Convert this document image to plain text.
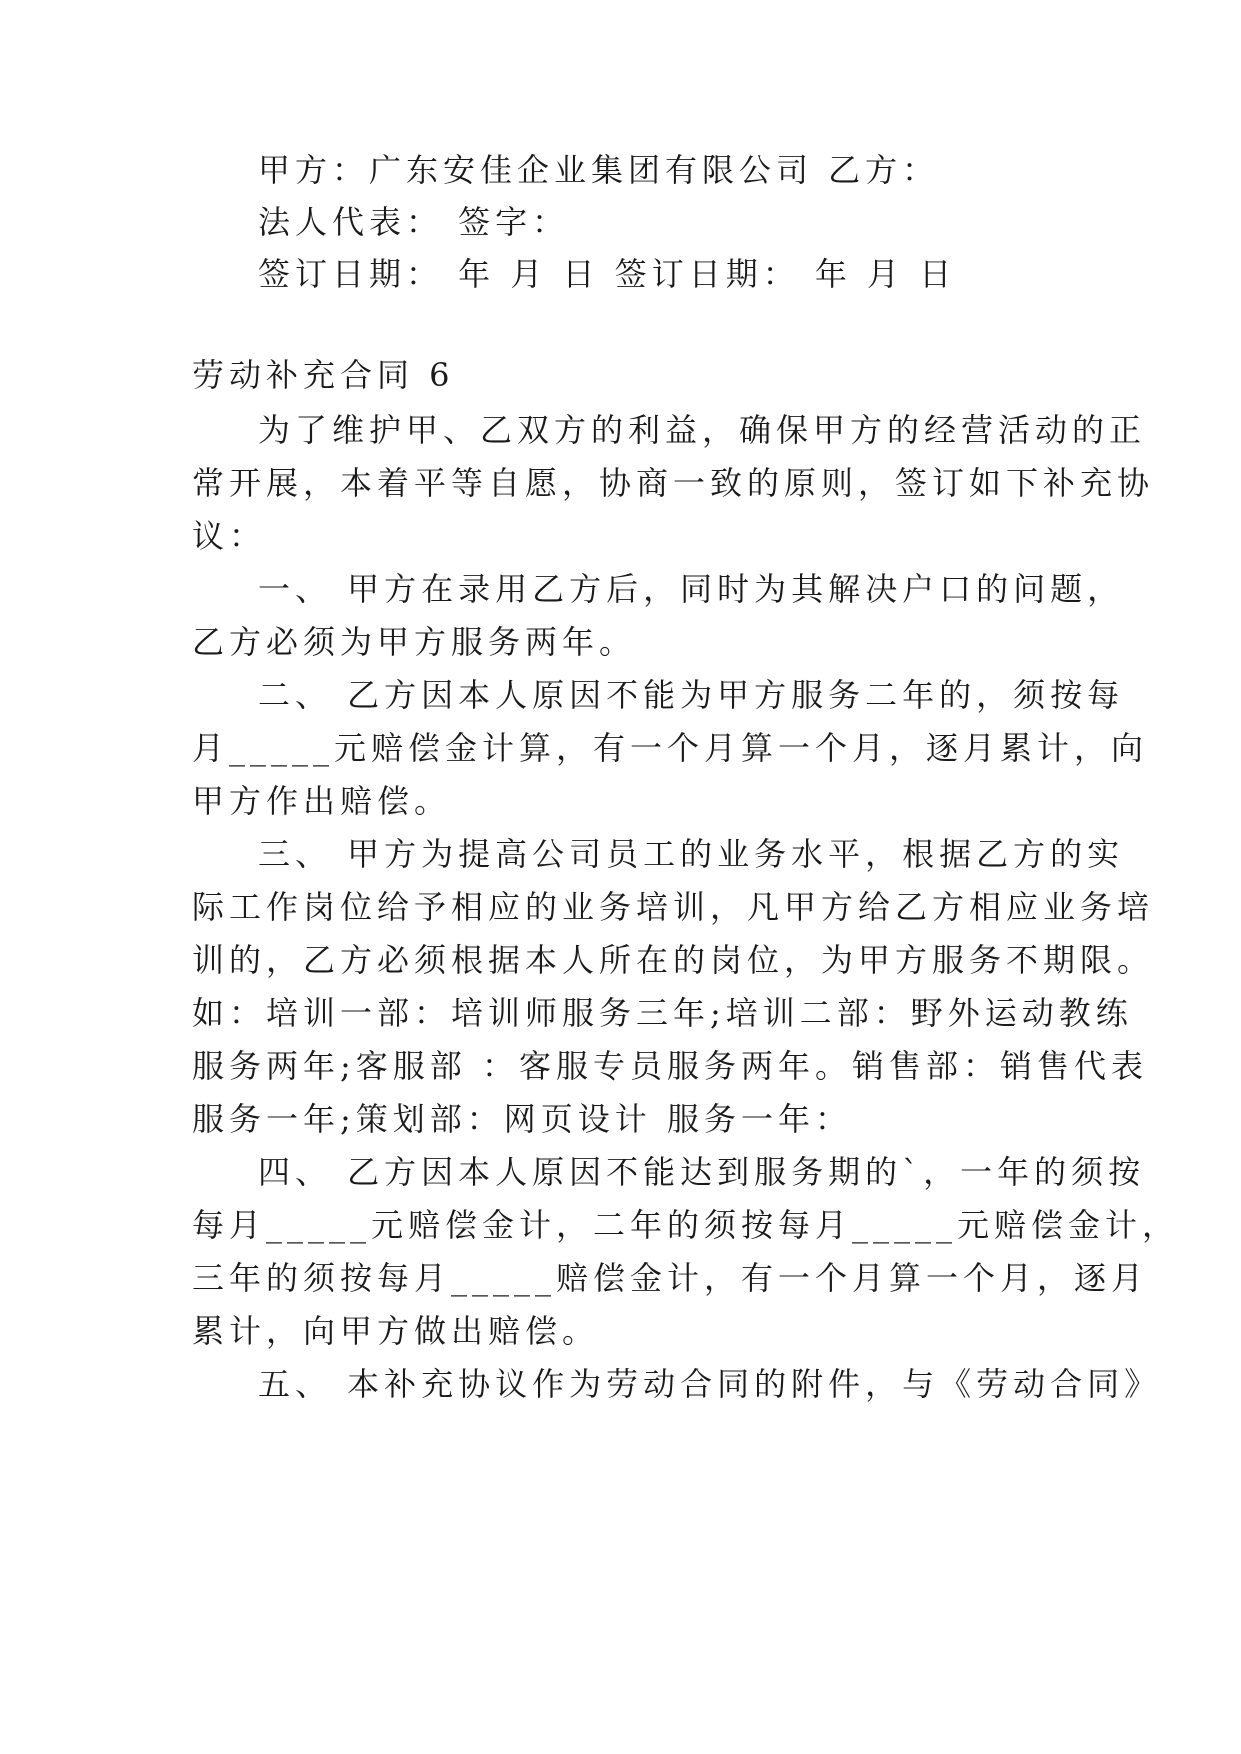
甲方：广东安佳企业集团有限公司 乙方：
法人代表： 签字：
签订日期： 年 月 日 签订日期： 年 月 日
劳动补充合同 6
为了维护甲、乙双方的利益，确保甲方的经营活动的正
常开展，本着平等自愿，协商一致的原则，签订如下补充协
议：
一、 甲方在录用乙方后，同时为其解决户口的问题，
乙方必须为甲方服务两年。
二、 乙方因本人原因不能为甲方服务二年的，须按每
月_____元赔偿金计算，有一个月算一个月，逐月累计，向
甲方作出赔偿。
三、 甲方为提高公司员工的业务水平，根据乙方的实
际工作岗位给予相应的业务培训，凡甲方给乙方相应业务培
训的，乙方必须根据本人所在的岗位，为甲方服务不期限。
如：培训一部：培训师服务三年;培训二部：野外运动教练
服务两年;客服部 ：客服专员服务两年。销售部：销售代表
服务一年;策划部：网页设计 服务一年：
四、 乙方因本人原因不能达到服务期的`，一年的须按
每月_____元赔偿金计，二年的须按每月_____元赔偿金计，
三年的须按每月_____赔偿金计，有一个月算一个月，逐月
累计，向甲方做出赔偿。
五、 本补充协议作为劳动合同的附件，与《劳动合同》
